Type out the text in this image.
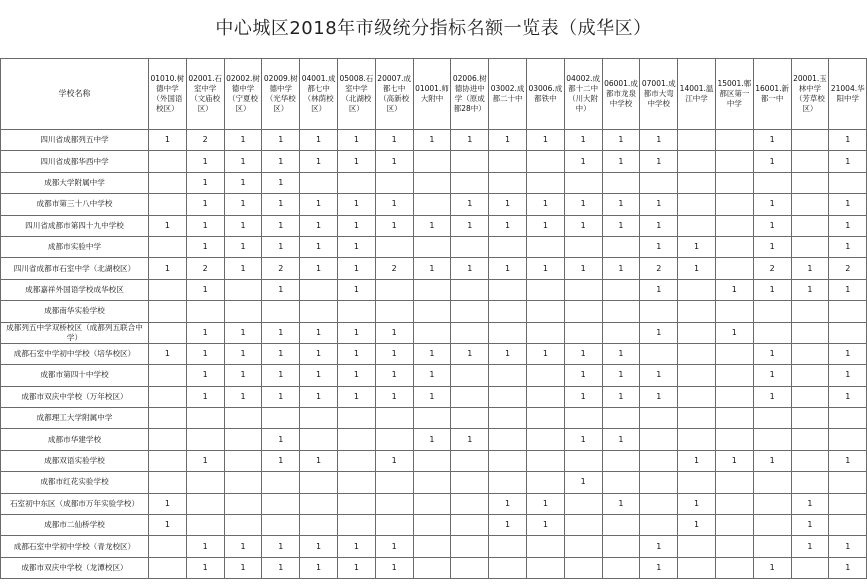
中心城区2018年市级统分指标名额一览表（成华区）
学校名称	01010.树德中学（外国语校区）	02001.石室中学（文庙校区）	02002.树德中学（宁夏校区）	02009.树德中学（光华校区）	04001.成都七中（林荫校区）	05008.石室中学（北湖校区）	20007.成都七中（高新校区）	01001.师大附中	02006.树德协进中学（原成都28中）	03002.成都二十中	03006.成都铁中	04002.成都十二中（川大附中）	06001.成都市龙泉中学校	07001.成都市大弯中学校	14001.温江中学	15001.郫都区第一中学	16001.新都一中	20001.玉林中学（芳草校区）	21004.华阳中学

四川省成都列五中学	1	2	1	1	1	1	1	1	1	1	1	1	1	1			1		1
四川省成都华西中学		1	1	1	1	1	1					1	1	1			1		1
成都大学附属中学		1	1	1															
成都市第三十八中学校		1	1	1	1	1	1		1	1	1	1	1	1			1		1
四川省成都市第四十九中学校	1	1	1	1	1	1	1	1	1	1	1	1	1	1			1		1
成都市实验中学		1	1	1	1	1								1	1		1		1
四川省成都市石室中学（北湖校区）	1	2	1	2	1	1	2	1	1	1	1	1	1	2	1		2	1	2
成都嘉祥外国语学校成华校区		1		1		1								1		1	1	1	1
成都南华实验学校																			
成都列五中学双桥校区（成都列五联合中学）		1	1	1	1	1	1							1		1			
成都石室中学初中学校（培华校区）	1	1	1	1	1	1	1	1	1	1	1	1	1				1		1
成都市第四十中学校		1	1	1	1	1	1	1				1	1	1			1		1
成都市双庆中学校（万年校区）		1	1	1	1	1	1	1				1	1	1			1		1
成都理工大学附属中学																			
成都市华建学校				1				1	1			1	1						
成都双语实验学校		1		1	1		1								1	1	1		1
成都市红花实验学校												1							
石室初中东区（成都市万年实验学校）	1									1	1		1		1			1	
成都市二仙桥学校	1									1	1				1			1	
成都石室中学初中学校（青龙校区）		1	1	1	1	1	1							1				1	1
成都市双庆中学校（龙潭校区）		1	1	1	1	1	1							1			1		1
